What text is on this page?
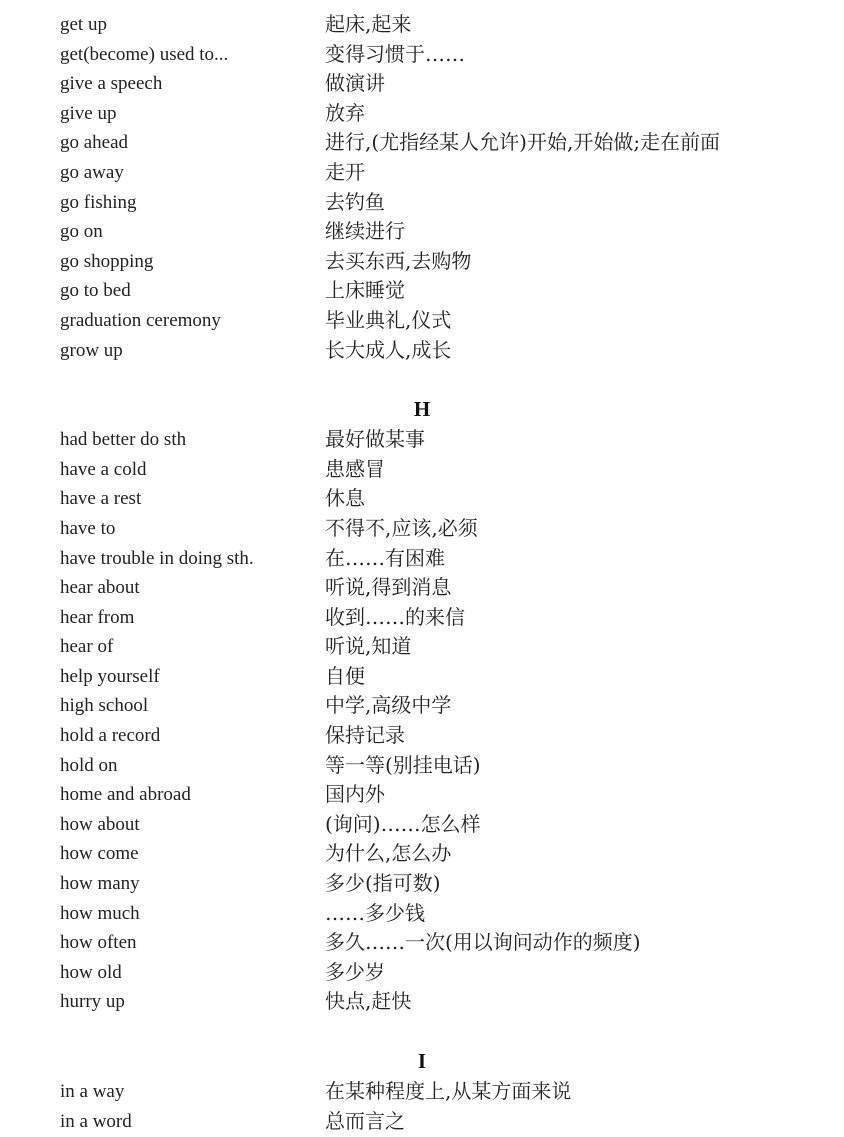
get up	起床,起来
get(become) used to...	变得习惯于……
give a speech	做演讲
give up	放弃
go ahead	进行,(尤指经某人允许)开始,开始做;走在前面
go away	走开
go fishing	去钓鱼
go on	继续进行
go shopping	去买东西,去购物
go to bed	上床睡觉
graduation ceremony	毕业典礼,仪式
grow up	长大成人,成长
H
had better do sth	最好做某事
have a cold	患感冒
have a rest	休息
have to	不得不,应该,必须
have trouble in doing sth.	在……有困难
hear about	听说,得到消息
hear from	收到……的来信
hear of	听说,知道
help yourself	自便
high school	中学,高级中学
hold a record	保持记录
hold on	等一等(别挂电话)
home and abroad	国内外
how about	(询问)……怎么样
how come	为什么,怎么办
how many	多少(指可数)
how much	……多少钱
how often	多久……一次(用以询问动作的频度)
how old	多少岁
hurry up	快点,赶快
I
in a way	在某种程度上,从某方面来说
in a word	总而言之
